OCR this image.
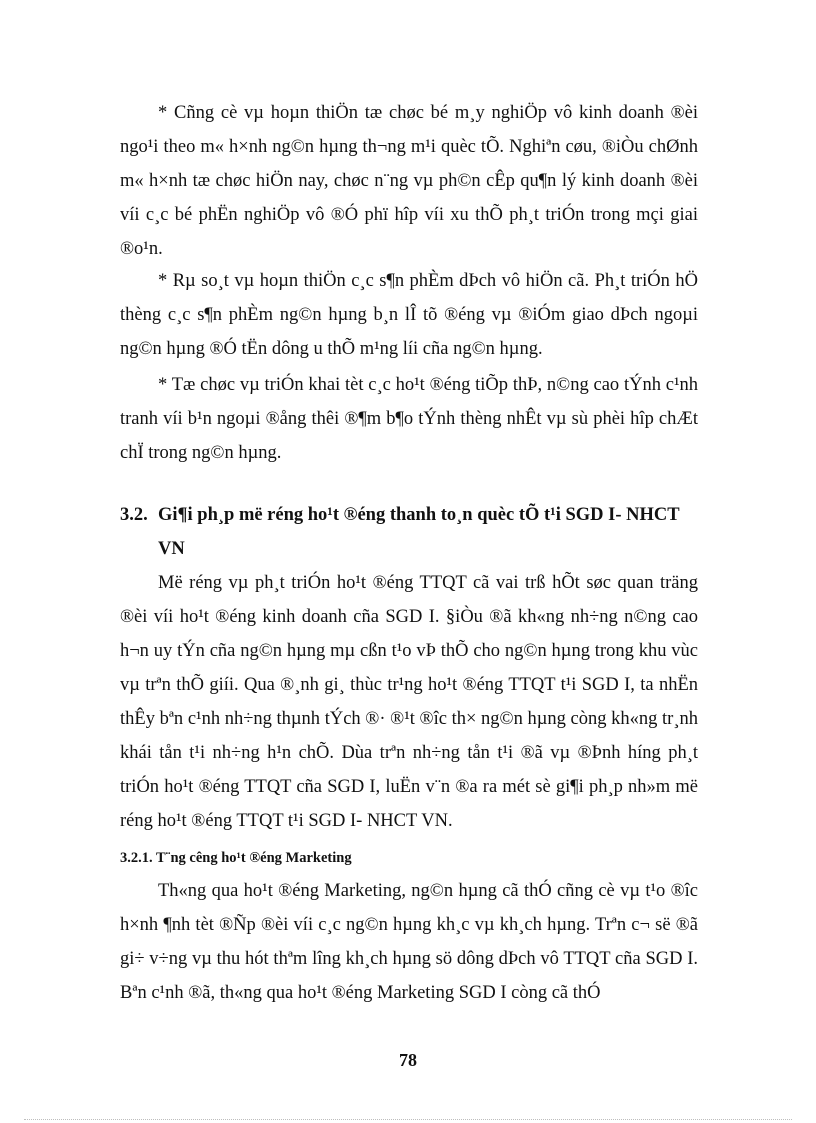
* Cñng cè vµ hoµn thiÖn tæ chøc bé m¸y nghiÖp vô kinh doanh ®èi ngo¹i theo m« h×nh ng©n hµng th¬ng m¹i quèc tÕ. Nghiªn cøu, ®iÒu chØnh m« h×nh tæ chøc hiÖn nay, chøc n¨ng vµ ph©n cÊp qu¶n lý kinh doanh ®èi víi c¸c bé phËn nghiÖp vô ®Ó phï hîp víi xu thÕ ph¸t triÓn trong mçi giai ®o¹n.

* Rµ so¸t vµ hoµn thiÖn c¸c s¶n phÈm dÞch vô hiÖn cã. Ph¸t triÓn hÖ thèng c¸c s¶n phÈm ng©n hµng b¸n lÎ tõ ®éng vµ ®iÓm giao dÞch ngoµi ng©n hµng ®Ó tËn dông u thÕ m¹ng líi cña ng©n hµng.

* Tæ chøc vµ triÓn khai tèt c¸c ho¹t ®éng tiÕp thÞ, n©ng cao tÝnh c¹nh tranh víi b¹n ngoµi ®ång thêi ®¶m b¶o tÝnh thèng nhÊt vµ sù phèi hîp chÆt chÏ trong ng©n hµng.

3.2. Gi¶i ph¸p më réng ho¹t ®éng thanh to¸n quèc tÕ t¹i SGD I- NHCT
VN

Më réng vµ ph¸t triÓn ho¹t ®éng TTQT cã vai trß hÕt søc quan träng ®èi víi ho¹t ®éng kinh doanh cña SGD I. §iÒu ®ã kh«ng nh÷ng n©ng cao h¬n uy tÝn cña ng©n hµng mµ cßn t¹o vÞ thÕ cho ng©n hµng trong khu vùc vµ trªn thÕ giíi. Qua ®¸nh gi¸ thùc tr¹ng ho¹t ®éng TTQT t¹i SGD I, ta nhËn thÊy bªn c¹nh nh÷ng thµnh tÝch ®· ®¹t ®îc th× ng©n hµng còng kh«ng tr¸nh khái tån t¹i nh÷ng h¹n chÕ. Dùa trªn nh÷ng tån t¹i ®ã vµ ®Þnh híng ph¸t triÓn ho¹t ®éng TTQT cña SGD I, luËn v¨n ®a ra mét sè gi¶i ph¸p nh»m më réng ho¹t ®éng TTQT t¹i SGD I- NHCT VN.

3.2.1. T¨ng cêng ho¹t ®éng Marketing

Th«ng qua ho¹t ®éng Marketing, ng©n hµng cã thÓ cñng cè vµ t¹o ®îc h×nh ¶nh tèt ®Ñp ®èi víi c¸c ng©n hµng kh¸c vµ kh¸ch hµng. Trªn c¬ së ®ã gi÷ v÷ng vµ thu hót thªm lîng kh¸ch hµng sö dông dÞch vô TTQT cña SGD I. Bªn c¹nh ®ã, th«ng qua ho¹t ®éng Marketing SGD I còng cã thÓ

78
